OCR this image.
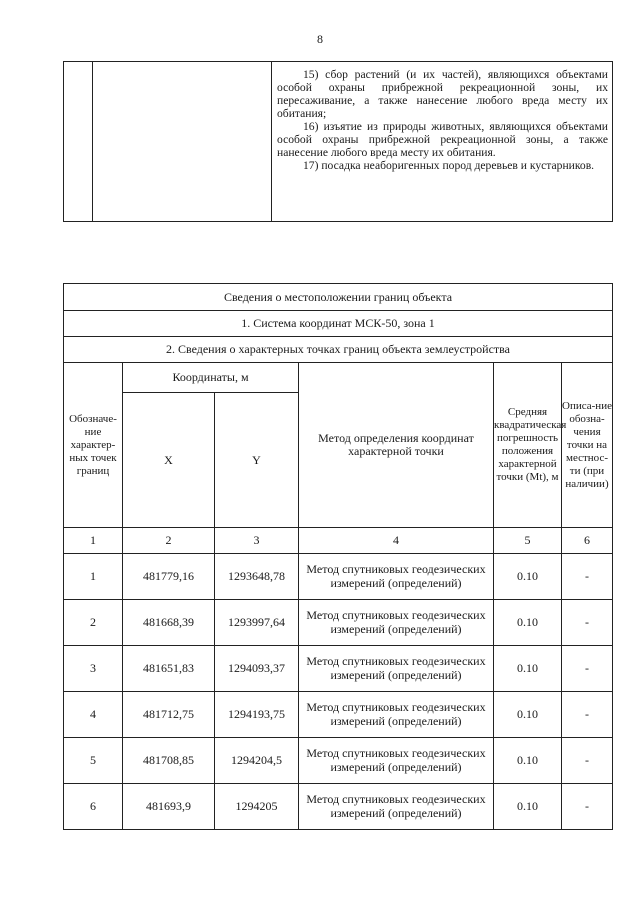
8

15) сбор растений (и их частей), являющихся объектами особой охраны прибрежной рекреационной зоны, их пересаживание, а также нанесение любого вреда месту их обитания;

16) изъятие из природы животных, являющихся объектами особой охраны прибрежной рекреационной зоны, а также нанесение любого вреда месту их обитания.

17) посадка неаборигенных пород деревьев и кустарников.

Сведения о местоположении границ объекта					
1. Система координат МСК-50, зона 1					
2. Сведения о характерных точках границ объекта землеустройства					
Обозначе-ние характер-ных точек границ	Координаты, м		Метод определения координат характерной точки	Средняя квадратическая погрешность положения характерной точки (Mt), м	Описа-ние обозна-чения точки на местнос-ти (при наличии)
	X	Y			
1	2	3	4	5	6
1	481779,16	1293648,78	Метод спутниковых геодезических измерений (определений)	0.10	-
2	481668,39	1293997,64	Метод спутниковых геодезических измерений (определений)	0.10	-
3	481651,83	1294093,37	Метод спутниковых геодезических измерений (определений)	0.10	-
4	481712,75	1294193,75	Метод спутниковых геодезических измерений (определений)	0.10	-
5	481708,85	1294204,5	Метод спутниковых геодезических измерений (определений)	0.10	-
6	481693,9	1294205	Метод спутниковых геодезических измерений (определений)	0.10	-
